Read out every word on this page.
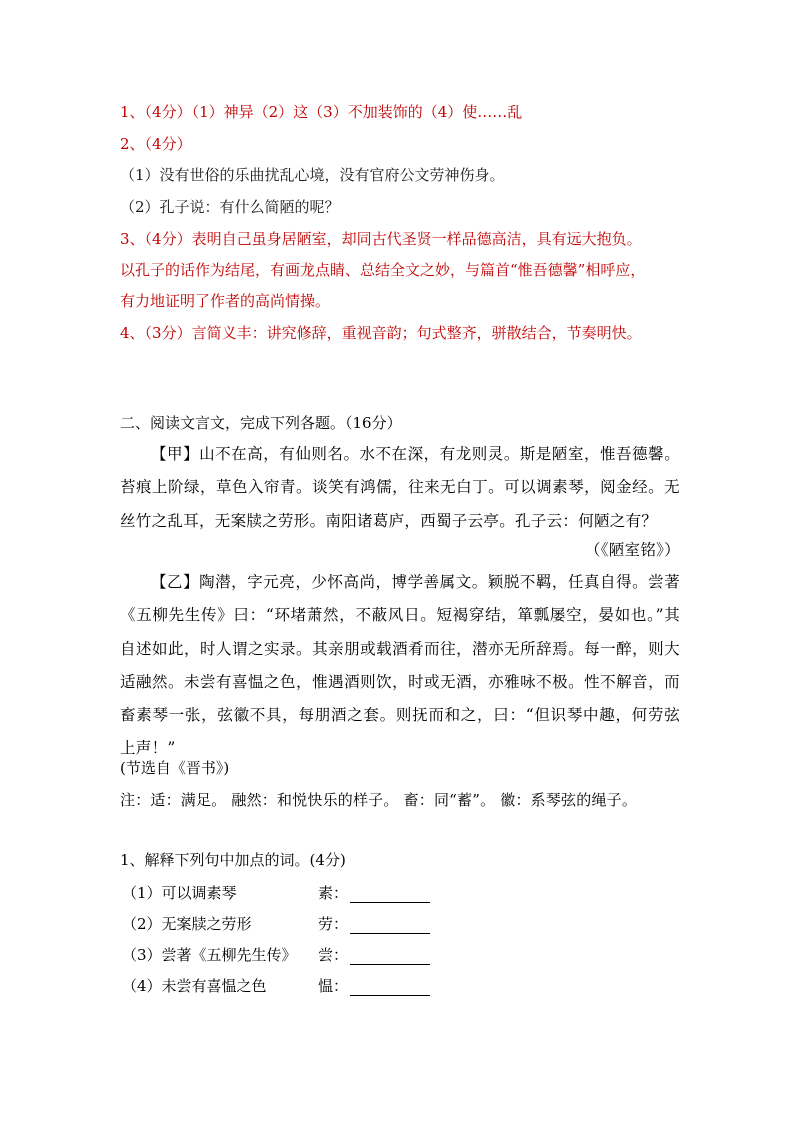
1、（4分）（1）神异（2）这（3）不加装饰的（4）使……乱
2、（4分）
（1）没有世俗的乐曲扰乱心境，没有官府公文劳神伤身。
（2）孔子说：有什么简陋的呢？
3、（4分）表明自己虽身居陋室，却同古代圣贤一样品德高洁，具有远大抱负。
以孔子的话作为结尾，有画龙点睛、总结全文之妙，与篇首“惟吾德馨”相呼应，
有力地证明了作者的高尚情操。
4、（3分）言简义丰：讲究修辞，重视音韵；句式整齐，骈散结合，节奏明快。
二、阅读文言文，完成下列各题。（16分）
【甲】山不在高，有仙则名。水不在深，有龙则灵。斯是陋室，惟吾德馨。苔痕上阶绿，草色入帘青。谈笑有鸿儒，往来无白丁。可以调素琴，阅金经。无丝竹之乱耳，无案牍之劳形。南阳诸葛庐，西蜀子云亭。孔子云：何陋之有？
（《陋室铭》）
【乙】陶潜，字元亮，少怀高尚，博学善属文。颖脱不羁，任真自得。尝著《五柳先生传》曰：“环堵萧然，不蔽风日。短褐穿结，箪瓢屡空，晏如也。”其自述如此，时人谓之实录。其亲朋或载酒肴而往，潜亦无所辞焉。每一醉，则大适融然。未尝有喜愠之色，惟遇酒则饮，时或无酒，亦雅咏不极。性不解音，而畜素琴一张，弦徽不具，每朋酒之套。则抚而和之，曰：“但识琴中趣，何劳弦上声！”
(节选自《晋书》)
注：适：满足。 融然：和悦快乐的样子。 畜：同“蓄”。 徽：系琴弦的绳子。
1、解释下列句中加点的词。(4分)
（1）可以调素琴	素：
（2）无案牍之劳形	劳：
（3）尝著《五柳先生传》 尝：
（4）未尝有喜愠之色	愠：
